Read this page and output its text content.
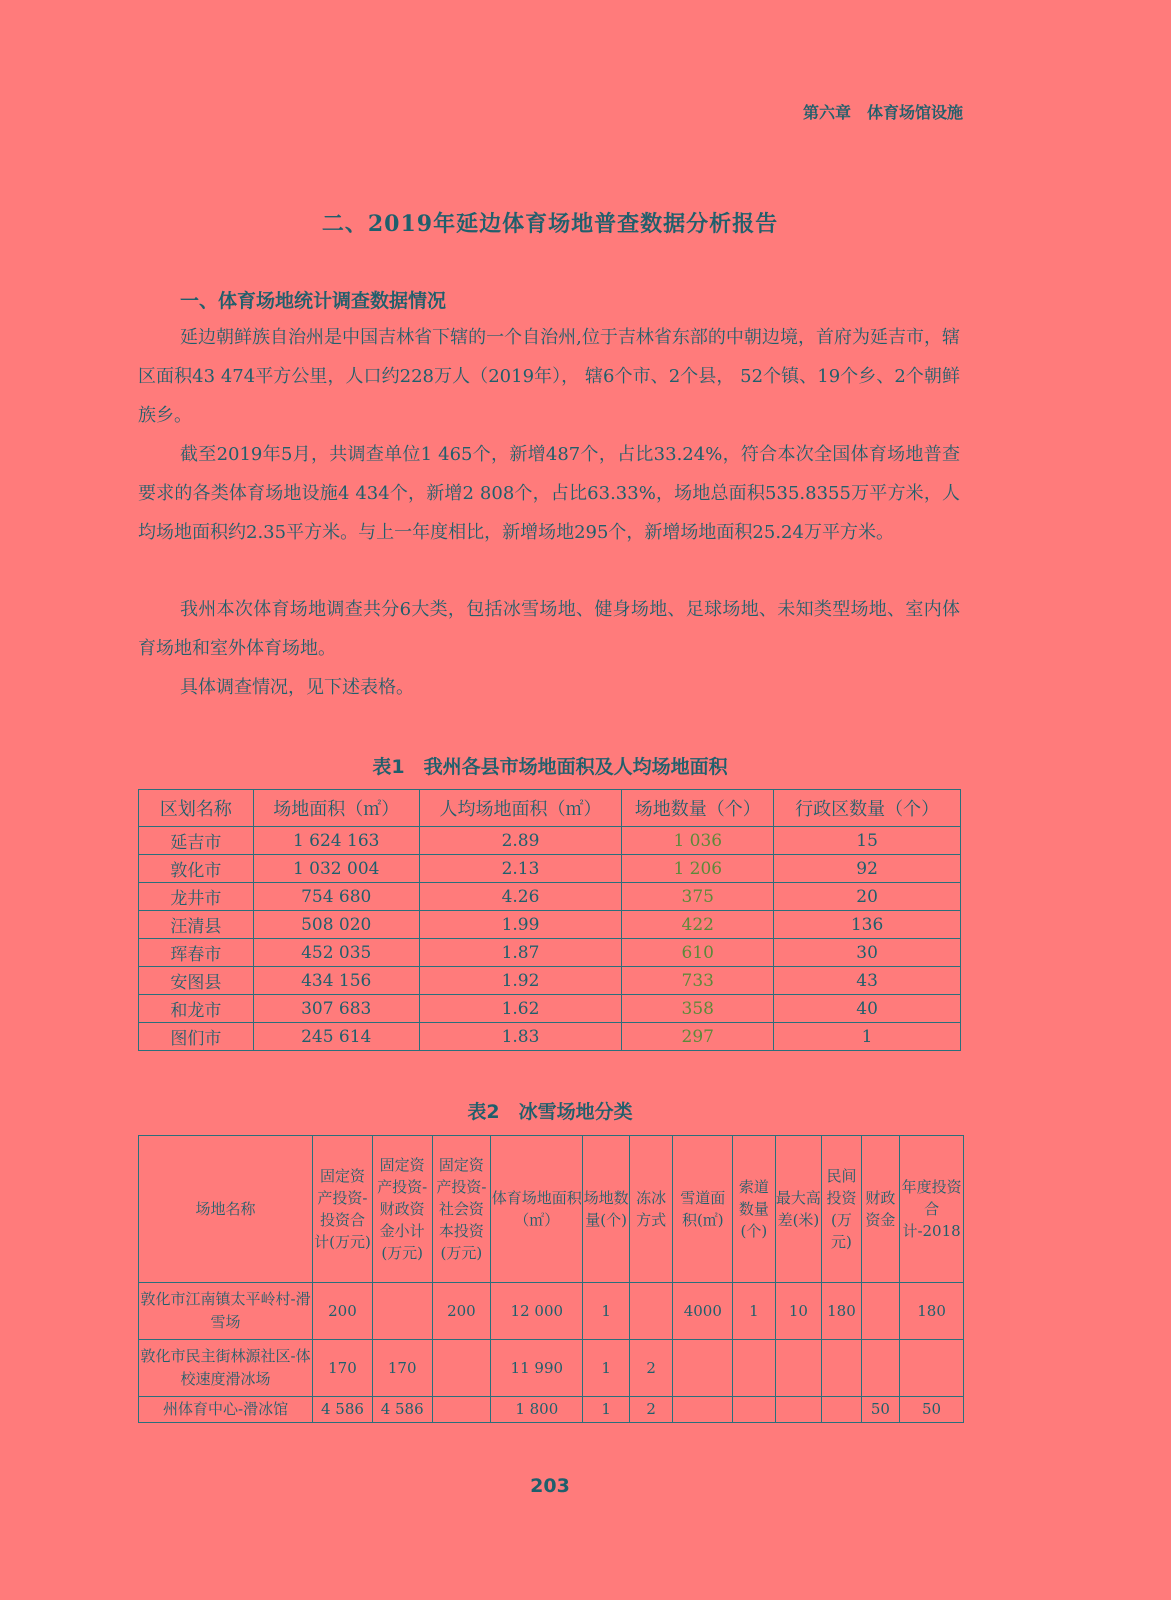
第六章　体育场馆设施
二、2019年延边体育场地普查数据分析报告
一、体育场地统计调查数据情况

延边朝鲜族自治州是中国吉林省下辖的一个自治州,位于吉林省东部的中朝边境，首府为延吉市，辖区面积43 474平方公里，人口约228万人（2019年）， 辖6个市、2个县， 52个镇、19个乡、2个朝鲜族乡。

截至2019年5月，共调查单位1 465个，新增487个，占比33.24%，符合本次全国体育场地普查要求的各类体育场地设施4 434个，新增2 808个，占比63.33%，场地总面积535.8355万平方米，人均场地面积约2.35平方米。与上一年度相比，新增场地295个，新增场地面积25.24万平方米。

我州本次体育场地调查共分6大类，包括冰雪场地、健身场地、足球场地、未知类型场地、室内体育场地和室外体育场地。

具体调查情况，见下述表格。

表1　我州各县市场地面积及人均场地面积
区划名称	场地面积（㎡）	人均场地面积（㎡）	场地数量（个）	行政区数量（个）
延吉市	1 624 163	2.89	1 036	15
敦化市	1 032 004	2.13	1 206	92
龙井市	754 680	4.26	375	20
汪清县	508 020	1.99	422	136
珲春市	452 035	1.87	610	30
安图县	434 156	1.92	733	43
和龙市	307 683	1.62	358	40
图们市	245 614	1.83	297	1
表2　冰雪场地分类
场地名称	固定资产投资-投资合计(万元)	固定资产投资-财政资金小计(万元)	固定资产投资-社会资本投资(万元)	体育场地面积（㎡）	场地数量(个)	冻冰方式	雪道面积(㎡)	索道数量(个)	最大高差(米)	民间投资(万元)	财政资金	年度投资合计-2018
敦化市江南镇太平岭村-滑雪场	200		200	12 000	1		4000	1	10	180		180
敦化市民主街林源社区-体校速度滑冰场	170	170		11 990	1	2						
州体育中心-滑冰馆	4 586	4 586		1 800	1	2					50	50
203
